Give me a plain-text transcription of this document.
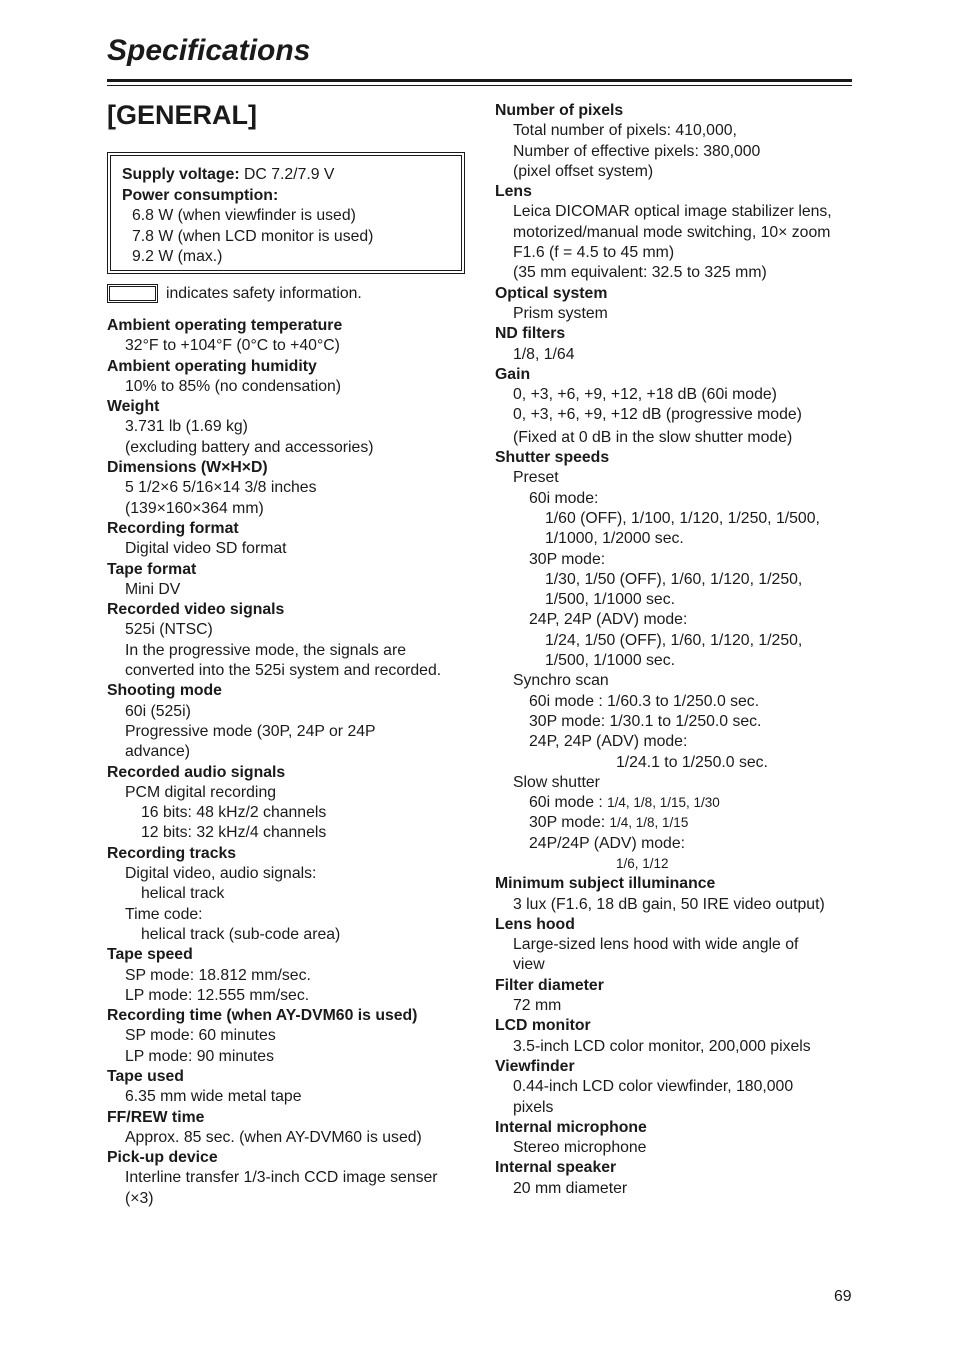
Specifications
[GENERAL]
Supply voltage: DC 7.2/7.9 V
Power consumption:
6.8 W (when viewfinder is used)
7.8 W (when LCD monitor is used)
9.2 W (max.)
indicates safety information.
Ambient operating temperature
32°F to +104°F (0°C to +40°C)
Ambient operating humidity
10% to 85% (no condensation)
Weight
3.731 lb (1.69 kg)
(excluding battery and accessories)
Dimensions (W×H×D)
5 1/2×6 5/16×14 3/8 inches
(139×160×364 mm)
Recording format
Digital video SD format
Tape format
Mini DV
Recorded video signals
525i (NTSC)
In the progressive mode, the signals are
converted into the 525i system and recorded.
Shooting mode
60i (525i)
Progressive mode (30P, 24P or 24P
advance)
Recorded audio signals
PCM digital recording
16 bits: 48 kHz/2 channels
12 bits: 32 kHz/4 channels
Recording tracks
Digital video, audio signals:
helical track
Time code:
helical track (sub-code area)
Tape speed
SP mode: 18.812 mm/sec.
LP mode: 12.555 mm/sec.
Recording time (when AY-DVM60 is used)
SP mode: 60 minutes
LP mode: 90 minutes
Tape used
6.35 mm wide metal tape
FF/REW time
Approx. 85 sec. (when AY-DVM60 is used)
Pick-up device
Interline transfer 1/3-inch CCD image senser
(×3)
Number of pixels
Total number of pixels: 410,000,
Number of effective pixels: 380,000
(pixel offset system)
Lens
Leica DICOMAR optical image stabilizer lens,
motorized/manual mode switching, 10× zoom
F1.6 (f = 4.5 to 45 mm)
(35 mm equivalent: 32.5 to 325 mm)
Optical system
Prism system
ND filters
1/8, 1/64
Gain
0, +3, +6, +9, +12, +18 dB (60i mode)
0, +3, +6, +9, +12 dB (progressive mode)
(Fixed at 0 dB in the slow shutter mode)
Shutter speeds
Preset
60i mode:
1/60 (OFF), 1/100, 1/120, 1/250, 1/500,
1/1000, 1/2000 sec.
30P mode:
1/30, 1/50 (OFF), 1/60, 1/120, 1/250,
1/500, 1/1000 sec.
24P, 24P (ADV) mode:
1/24, 1/50 (OFF), 1/60, 1/120, 1/250,
1/500, 1/1000 sec.
Synchro scan
60i mode : 1/60.3 to 1/250.0 sec.
30P mode: 1/30.1 to 1/250.0 sec.
24P, 24P (ADV) mode:
1/24.1 to 1/250.0 sec.
Slow shutter
60i mode : 1/4, 1/8, 1/15, 1/30
30P mode: 1/4, 1/8, 1/15
24P/24P (ADV) mode:
1/6, 1/12
Minimum subject illuminance
3 lux (F1.6, 18 dB gain, 50 IRE video output)
Lens hood
Large-sized lens hood with wide angle of
view
Filter diameter
72 mm
LCD monitor
3.5-inch LCD color monitor, 200,000 pixels
Viewfinder
0.44-inch LCD color viewfinder, 180,000
pixels
Internal microphone
Stereo microphone
Internal speaker
20 mm diameter
69
